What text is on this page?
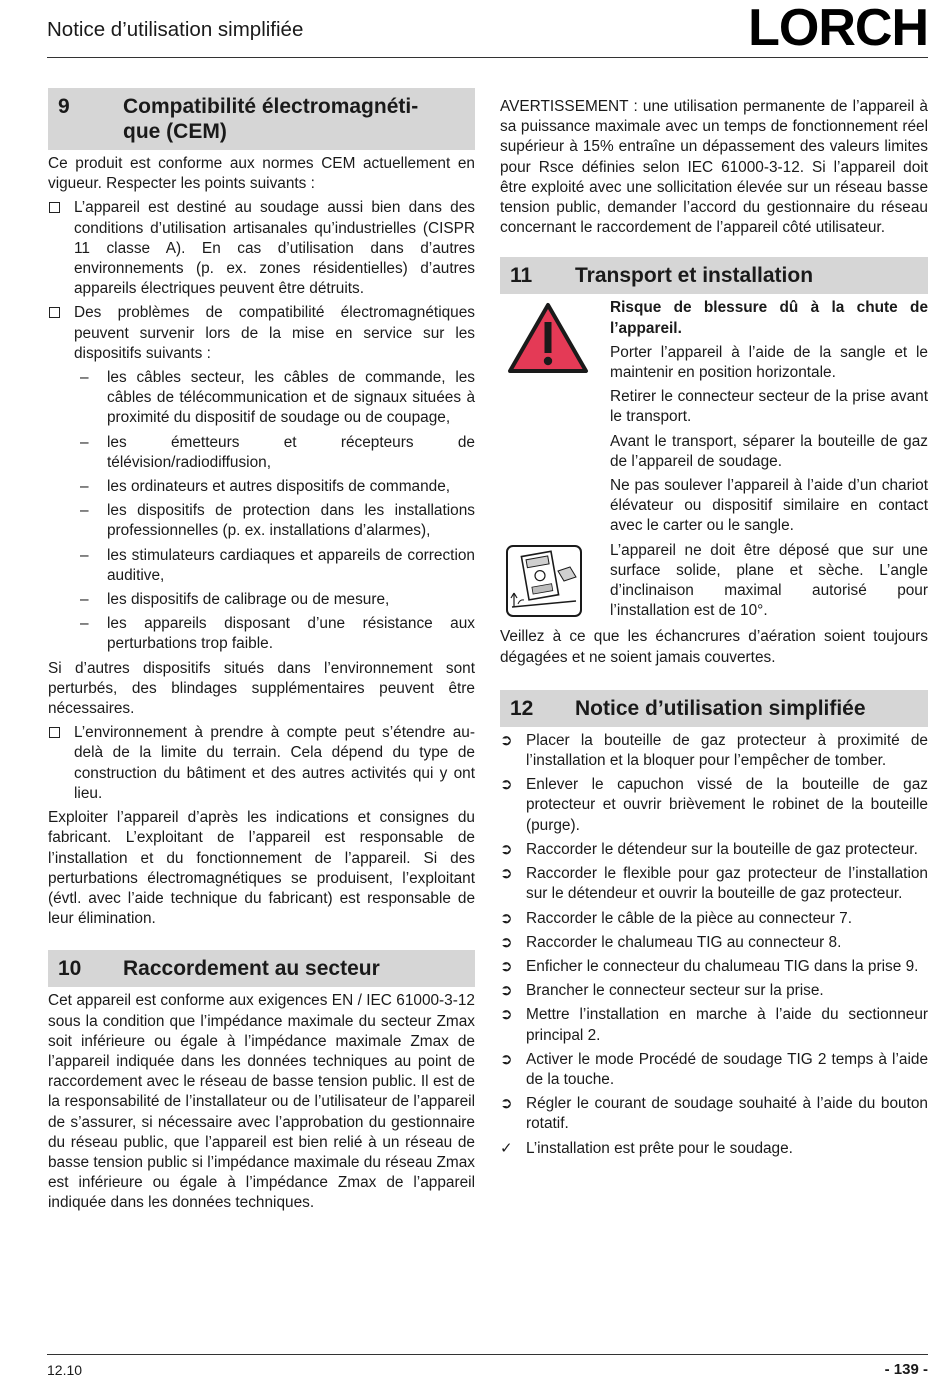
Notice d’utilisation simplifiée	LORCH
9	Compatibilité électromagnéti-
que (CEM)

Ce produit est conforme aux normes CEM actuellement en vigueur. Respecter les points suivants :

L’appareil est destiné au soudage aussi bien dans des conditions d’utilisation artisanales qu’industrielles (CISPR 11 classe A). En cas d’utilisation dans d’autres environnements (p. ex. zones résidentielles) d’autres appareils électriques peuvent être détruits.
Des problèmes de compatibilité électromagnétiques peuvent survenir lors de la mise en service sur les dispositifs suivants :
– les câbles secteur, les câbles de commande, les câbles de télécommunication et de signaux situées à proximité du dispositif de soudage ou de coupage,
– les émetteurs et récepteurs de télévision/radiodiffusion,
– les ordinateurs et autres dispositifs de commande,
– les dispositifs de protection dans les installations professionnelles (p. ex. installations d’alarmes),
– les stimulateurs cardiaques et appareils de correction auditive,
– les dispositifs de calibrage ou de mesure,
– les appareils disposant d’une résistance aux perturbations trop faible.

Si d’autres dispositifs situés dans l’environnement sont perturbés, des blindages supplémentaires peuvent être nécessaires.

L’environnement à prendre à compte peut s’étendre au-delà de la limite du terrain. Cela dépend du type de construction du bâtiment et des autres activités qui y ont lieu.

Exploiter l’appareil d’après les indications et consignes du fabricant. L’exploitant de l’appareil est responsable de l’installation et du fonctionnement de l’appareil. Si des perturbations électromagnétiques se produisent, l’exploitant (évtl. avec l’aide technique du fabricant) est responsable de leur élimination.

10	Raccordement au secteur

Cet appareil est conforme aux exigences EN / IEC 61000-3-12 sous la condition que l’impédance maximale du secteur Zmax soit inférieure ou égale à l’impédance maximale Zmax de l’appareil indiquée dans les données techniques au point de raccordement avec le réseau de basse tension public. Il est de la responsabilité de l’installateur ou de l’utilisateur de l’appareil de s’assurer, si nécessaire avec l’approbation du gestionnaire du réseau public, que l’appareil est bien relié à un réseau de basse tension public si l’impédance maximale du réseau Zmax est inférieure ou égale à l’impédance Zmax de l’appareil indiquée dans les données techniques.

AVERTISSEMENT : une utilisation permanente de l’appareil à sa puissance maximale avec un temps de fonctionnement réel supérieur à 15% entraîne un dépassement des valeurs limites pour Rsce définies selon IEC 61000-3-12. Si l’appareil doit être exploité avec une sollicitation élevée sur un réseau basse tension public, demander l’accord du gestionnaire du réseau concernant le raccordement de l’appareil côté utilisateur.

11	Transport et installation

Risque de blessure dû à la chute de l’appareil.

Porter l’appareil à l’aide de la sangle et le maintenir en position horizontale.

Retirer le connecteur secteur de la prise avant le transport.

Avant le transport, séparer la bouteille de gaz de l’appareil de soudage.

Ne pas soulever l’appareil à l’aide d’un chariot élévateur ou dispositif similaire en contact avec le carter ou le sangle.

L’appareil ne doit être déposé que sur une surface solide, plane et sèche. L’angle d’inclinaison maximal autorisé pour l’installation est de 10°.

Veillez à ce que les échancrures d’aération soient toujours dégagées et ne soient jamais couvertes.

12	Notice d’utilisation simplifiée
➲ Placer la bouteille de gaz protecteur à proximité de l’installation et la bloquer pour l’empêcher de tomber.
➲ Enlever le capuchon vissé de la bouteille de gaz protecteur et ouvrir brièvement le robinet de la bouteille (purge).
➲ Raccorder le détendeur sur la bouteille de gaz protecteur.
➲ Raccorder le flexible pour gaz protecteur de l’installation sur le détendeur et ouvrir la bouteille de gaz protecteur.
➲ Raccorder le câble de la pièce au connecteur 7.
➲ Raccorder le chalumeau TIG au connecteur 8.
➲ Enficher le connecteur du chalumeau TIG dans la prise 9.
➲ Brancher le connecteur secteur sur la prise.
➲ Mettre l’installation en marche à l’aide du sectionneur principal 2.
➲ Activer le mode Procédé de soudage TIG 2 temps à l’aide de la touche.
➲ Régler le courant de soudage souhaité à l’aide du bouton rotatif.
✓ L’installation est prête pour le soudage.
12.10	- 139 -
